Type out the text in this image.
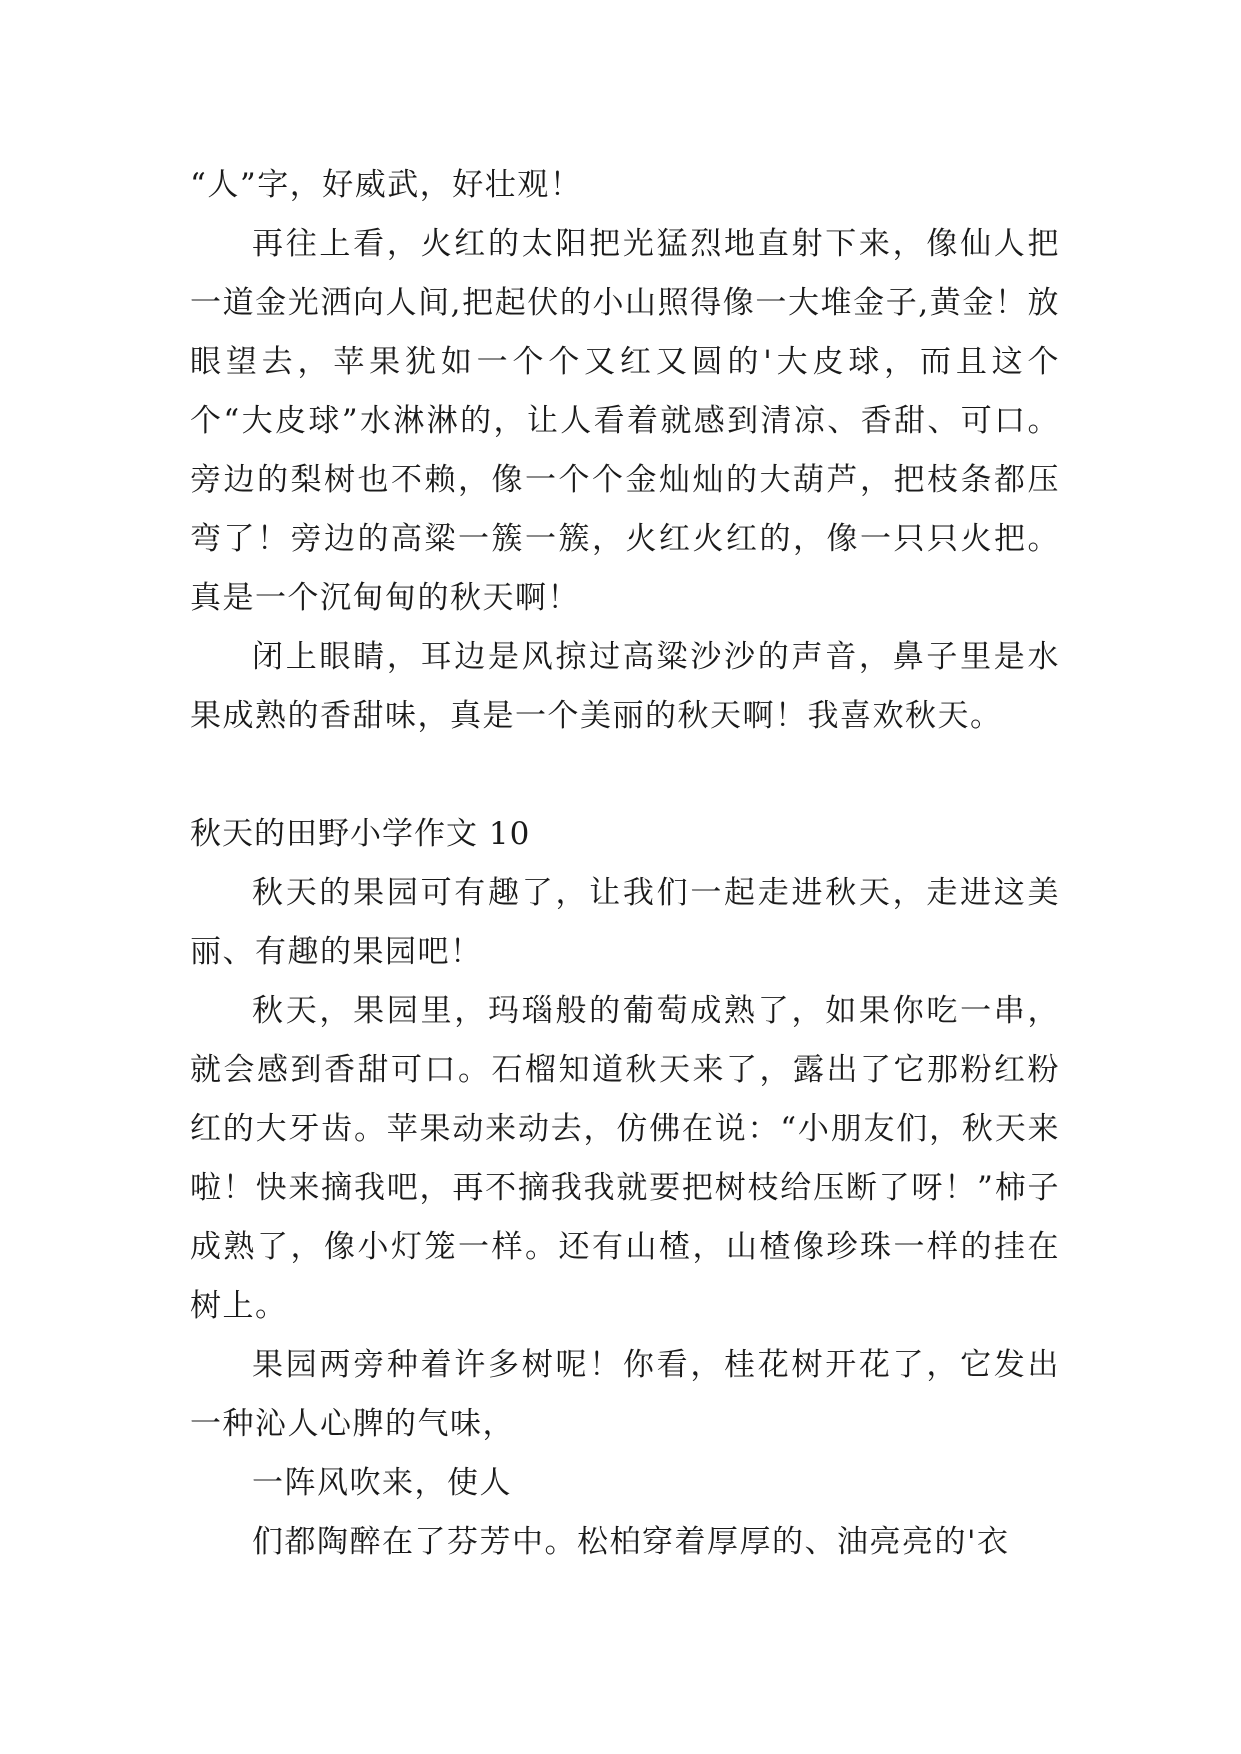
“人”字，好威武，好壮观！

再往上看，火红的太阳把光猛烈地直射下来，像仙人把一道金光洒向人间,把起伏的小山照得像一大堆金子,黄金！放眼望去，苹果犹如一个个又红又圆的'大皮球，而且这个个“大皮球”水淋淋的，让人看着就感到清凉、香甜、可口。旁边的梨树也不赖，像一个个金灿灿的大葫芦，把枝条都压弯了！旁边的高粱一簇一簇，火红火红的，像一只只火把。真是一个沉甸甸的秋天啊！

闭上眼睛，耳边是风掠过高粱沙沙的声音，鼻子里是水果成熟的香甜味，真是一个美丽的秋天啊！我喜欢秋天。

秋天的田野小学作文 10

秋天的果园可有趣了，让我们一起走进秋天，走进这美丽、有趣的果园吧！

秋天，果园里，玛瑙般的葡萄成熟了，如果你吃一串，就会感到香甜可口。石榴知道秋天来了，露出了它那粉红粉红的大牙齿。苹果动来动去，仿佛在说：“小朋友们，秋天来啦！快来摘我吧，再不摘我我就要把树枝给压断了呀！”柿子成熟了，像小灯笼一样。还有山楂，山楂像珍珠一样的挂在树上。

果园两旁种着许多树呢！你看，桂花树开花了，它发出一种沁人心脾的气味，

一阵风吹来，使人

们都陶醉在了芬芳中。松柏穿着厚厚的、油亮亮的'衣
